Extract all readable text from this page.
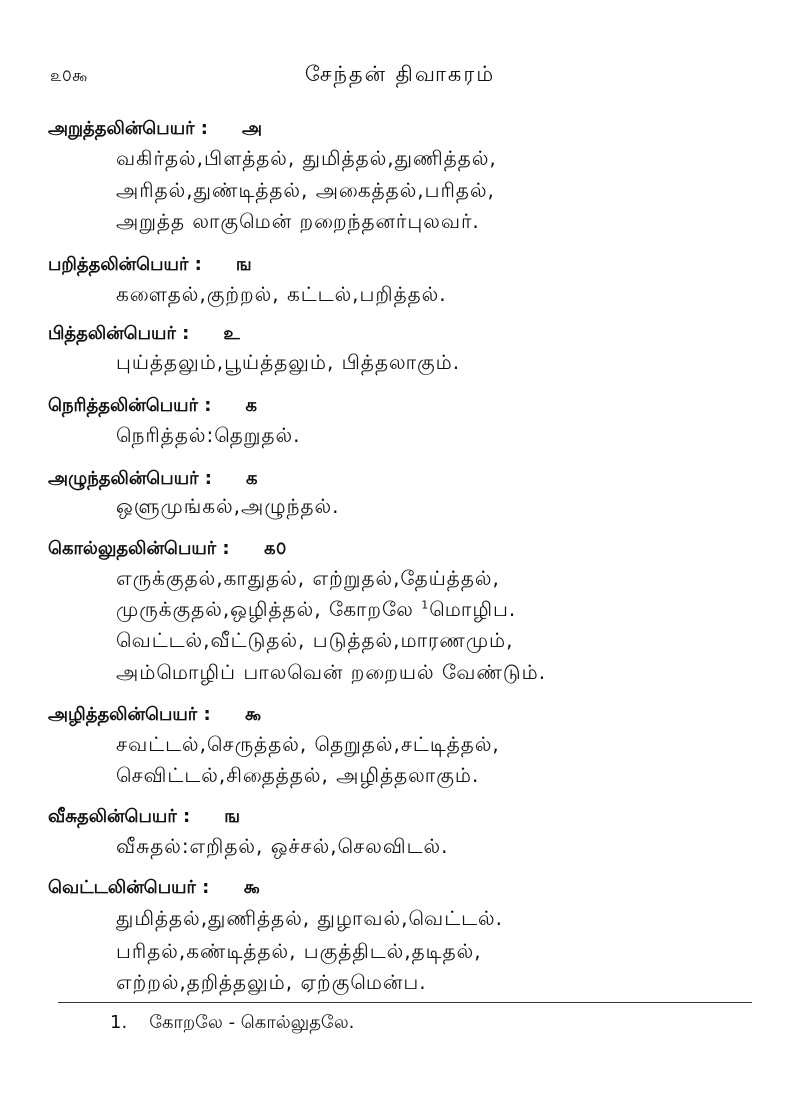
௨௦௯	சேந்தன் திவாகரம்
அறுத்தலின்பெயர் : அ
வகிர்தல்,பிளத்தல், துமித்தல்,துணித்தல்,
அரிதல்,துண்டித்தல், அகைத்தல்,பரிதல்,
அறுத்த லாகுமென் றறைந்தனர்புலவர்.
பறித்தலின்பெயர் : ங
களைதல்,குற்றல், கட்டல்,பறித்தல்.
பித்தலின்பெயர் : உ
புய்த்தலும்,பூய்த்தலும், பித்தலாகும்.
நெரித்தலின்பெயர் : க
நெரித்தல்:தெறுதல்.
அழுந்தலின்பெயர் : க
ஒளுமுங்கல்,அழுந்தல்.
கொல்லுதலின்பெயர் : ௧௦
எருக்குதல்,காதுதல், எற்றுதல்,தேய்த்தல்,
முருக்குதல்,ஒழித்தல், கோறலே $^1$மொழிப.
வெட்டல்,வீட்டுதல், படுத்தல்,மாரணமும்,
அம்மொழிப் பாலவென் றறையல் வேண்டும்.
அழித்தலின்பெயர் : ௯
சவட்டல்,செருத்தல், தெறுதல்,சட்டித்தல்,
செவிட்டல்,சிதைத்தல், அழித்தலாகும்.
வீசுதலின்பெயர் : ங
வீசுதல்:எறிதல், ஒச்சல்,செலவிடல்.
வெட்டலின்பெயர் : ௯
துமித்தல்,துணித்தல், துழாவல்,வெட்டல்.
பரிதல்,கண்டித்தல், பகுத்திடல்,தடிதல்,
எற்றல்,தறித்தலும், ஏற்குமென்ப.
1. கோறலே - கொல்லுதலே.
